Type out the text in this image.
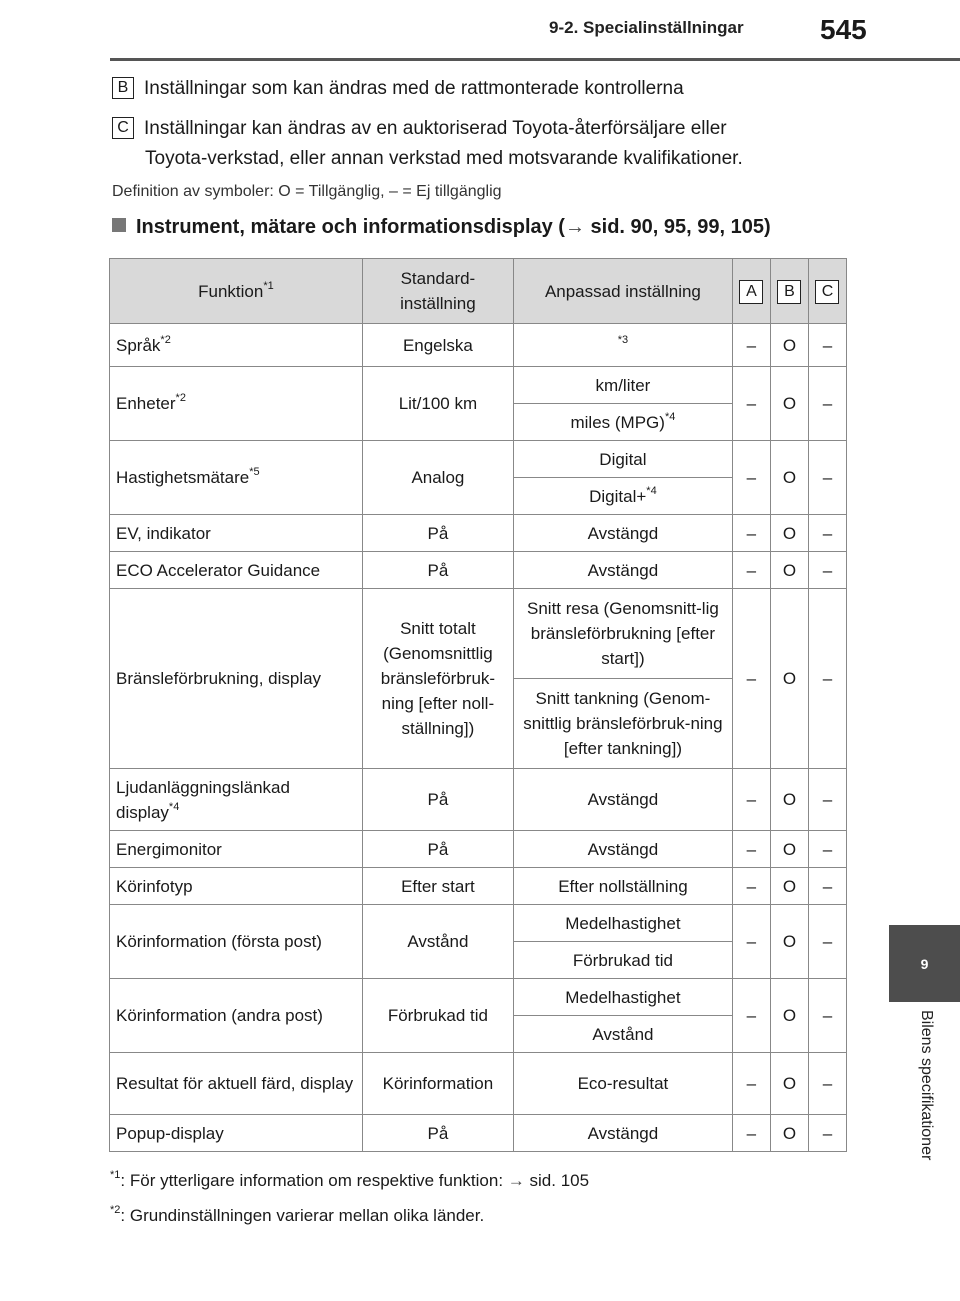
9-2. Specialinställningar	545
9
Bilens specifikationer
B Inställningar som kan ändras med de rattmonterade kontrollerna
C Inställningar kan ändras av en auktoriserad Toyota-återförsäljare eller
Toyota-verkstad, eller annan verkstad med motsvarande kvalifikationer.
Definition av symboler: O = Tillgänglig, – = Ej tillgänglig
Instrument, mätare och informationsdisplay (→ sid. 90, 95, 99, 105)
Funktion$^{*1}$	Standard-inställning	Anpassad inställning	A	B	C
Språk$^{*2}$	Engelska	$^{*3}$	–	O	–
Enheter$^{*2}$	Lit/100 km	km/liter	–	O	–
		miles (MPG)$^{*4}$
Hastighetsmätare$^{*5}$	Analog	Digital	–	O	–
		Digital+$^{*4}$
EV, indikator	På	Avstängd	–	O	–
ECO Accelerator Guidance	På	Avstängd	–	O	–
Bränsleförbrukning, display	Snitt totalt (Genomsnittlig bränsleförbruk-ning [efter noll-ställning])	Snitt resa (Genomsnitt-lig bränsleförbrukning [efter start])	–	O	–
		Snitt tankning (Genom-snittlig bränsleförbruk-ning [efter tankning])			
Ljudanläggningslänkad display$^{*4}$	På	Avstängd	–	O	–
Energimonitor	På	Avstängd	–	O	–
Körinfotyp	Efter start	Efter nollställning	–	O	–
Körinformation (första post)	Avstånd	Medelhastighet	–	O	–
		Förbrukad tid			
Körinformation (andra post)	Förbrukad tid	Medelhastighet	–	O	–
		Avstånd			
Resultat för aktuell färd, display	Körinformation	Eco-resultat	–	O	–
Popup-display	På	Avstängd	–	O	–
$^{*1}$: För ytterligare information om respektive funktion: → sid. 105
$^{*2}$: Grundinställningen varierar mellan olika länder.
